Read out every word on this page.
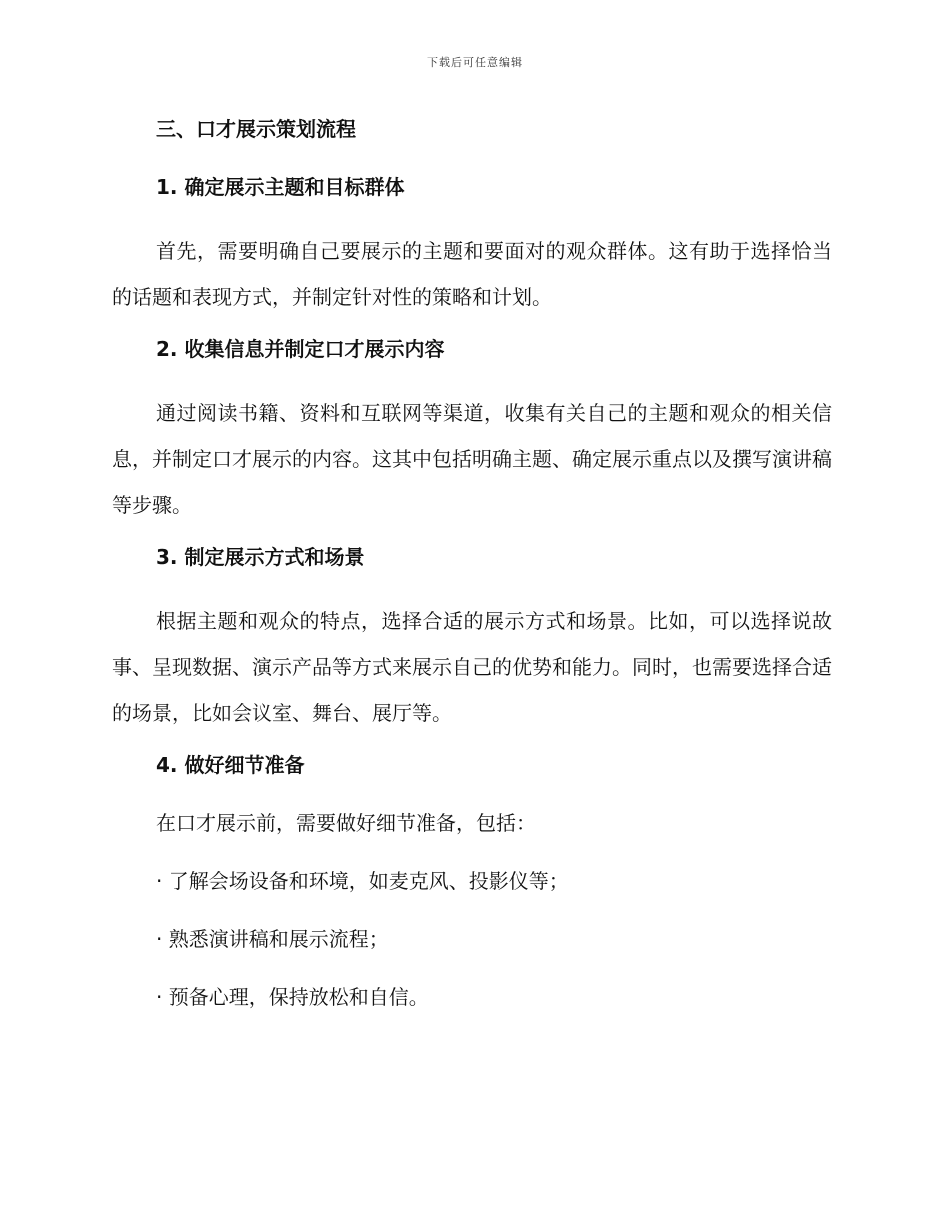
下载后可任意编辑
三、口才展示策划流程
1. 确定展示主题和目标群体

首先，需要明确自己要展示的主题和要面对的观众群体。这有助于选择恰当的话题和表现方式，并制定针对性的策略和计划。

2. 收集信息并制定口才展示内容

通过阅读书籍、资料和互联网等渠道，收集有关自己的主题和观众的相关信息，并制定口才展示的内容。这其中包括明确主题、确定展示重点以及撰写演讲稿等步骤。

3. 制定展示方式和场景

根据主题和观众的特点，选择合适的展示方式和场景。比如，可以选择说故事、呈现数据、演示产品等方式来展示自己的优势和能力。同时，也需要选择合适的场景，比如会议室、舞台、展厅等。

4. 做好细节准备

在口才展示前，需要做好细节准备，包括：

· 了解会场设备和环境，如麦克风、投影仪等；

· 熟悉演讲稿和展示流程；

· 预备心理，保持放松和自信。
